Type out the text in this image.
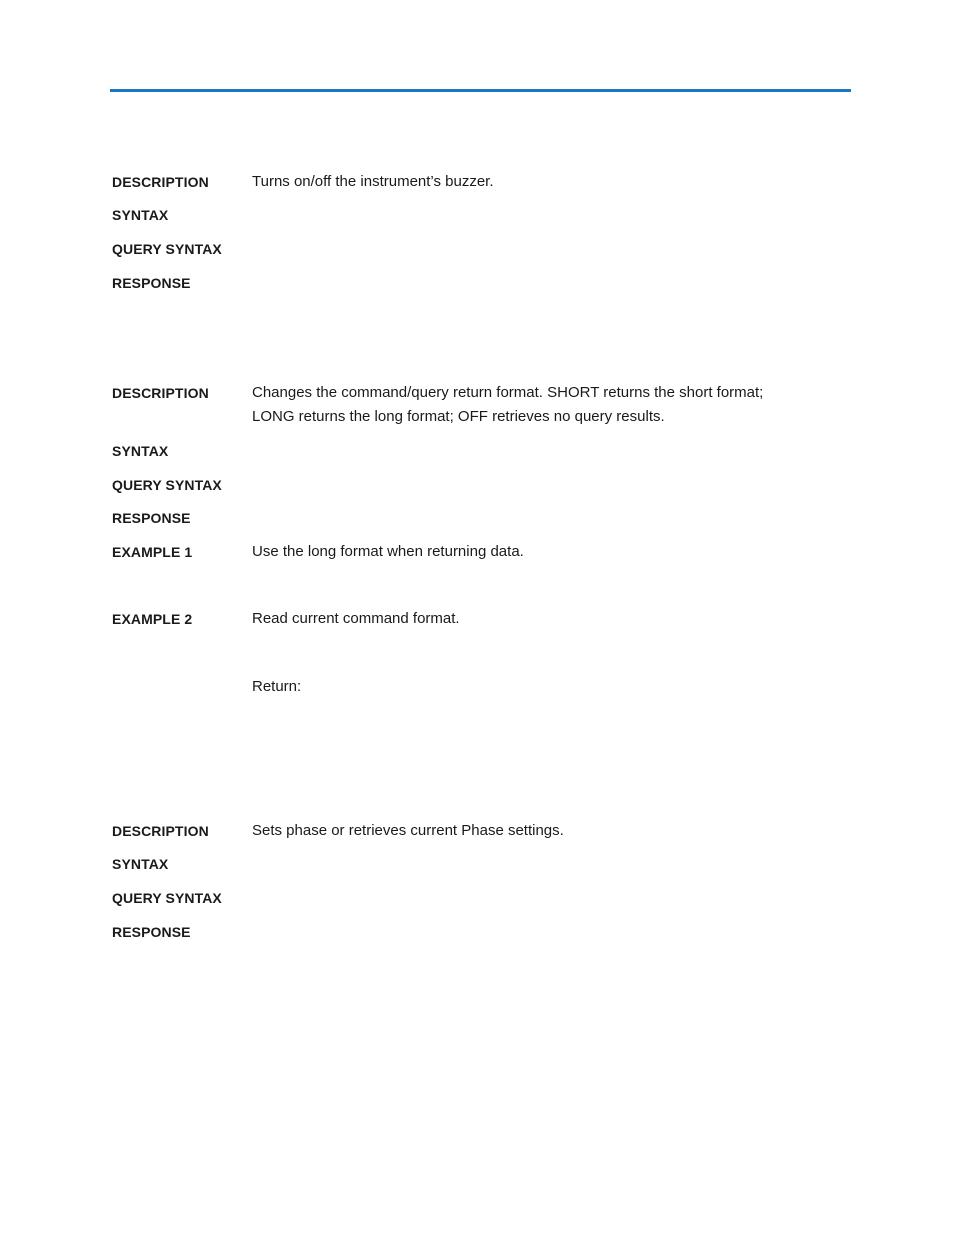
DESCRIPTION	Turns on/off the instrument’s buzzer.
SYNTAX
QUERY SYNTAX
RESPONSE
DESCRIPTION	Changes the command/query return format. SHORT returns the short format;
LONG returns the long format; OFF retrieves no query results.
SYNTAX
QUERY SYNTAX
RESPONSE
EXAMPLE 1	Use the long format when returning data.
EXAMPLE 2	Read current command format.
Return:
DESCRIPTION	Sets phase or retrieves current Phase settings.
SYNTAX
QUERY SYNTAX
RESPONSE
